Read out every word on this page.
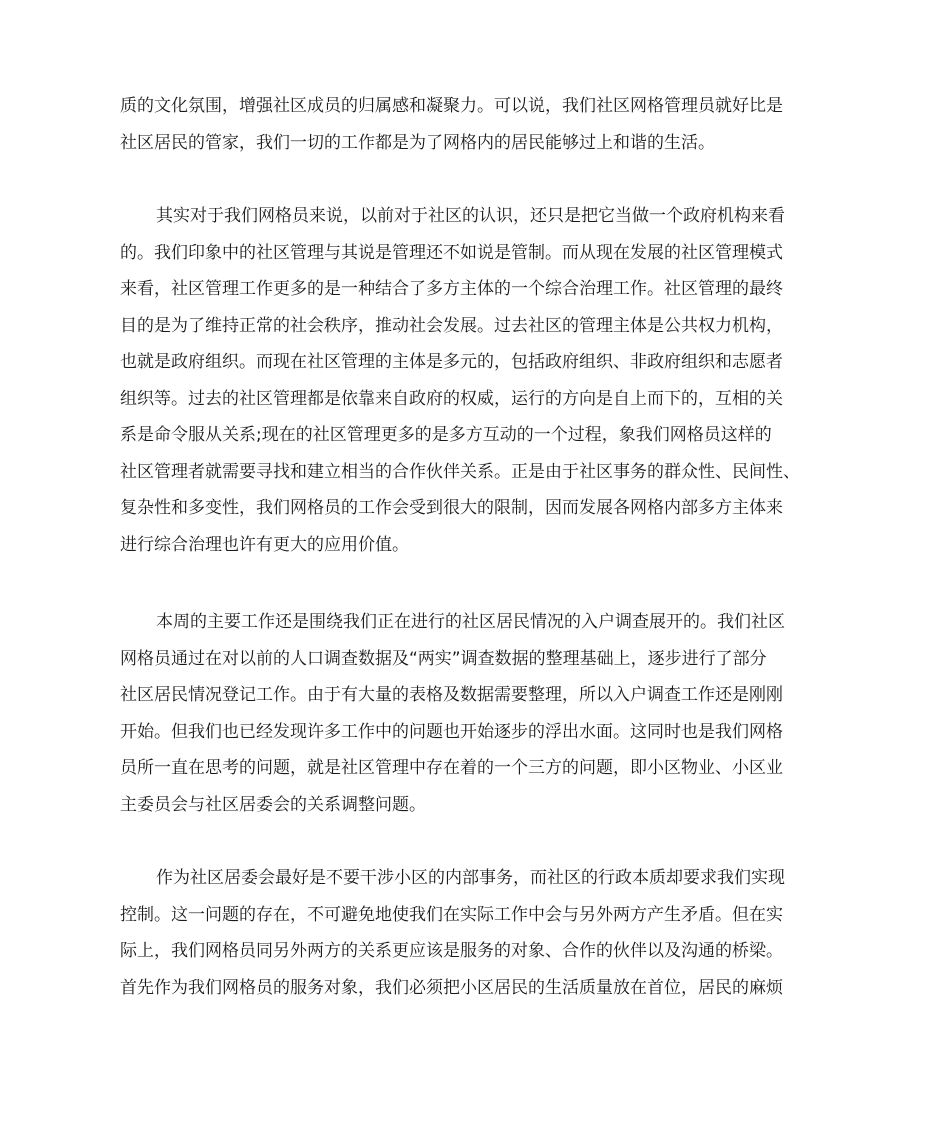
质的文化氛围，增强社区成员的归属感和凝聚力。可以说，我们社区网格管理员就好比是
社区居民的管家，我们一切的工作都是为了网格内的居民能够过上和谐的生活。

其实对于我们网格员来说，以前对于社区的认识，还只是把它当做一个政府机构来看
的。我们印象中的社区管理与其说是管理还不如说是管制。而从现在发展的社区管理模式
来看，社区管理工作更多的是一种结合了多方主体的一个综合治理工作。社区管理的最终
目的是为了维持正常的社会秩序，推动社会发展。过去社区的管理主体是公共权力机构，
也就是政府组织。而现在社区管理的主体是多元的，包括政府组织、非政府组织和志愿者
组织等。过去的社区管理都是依靠来自政府的权威，运行的方向是自上而下的，互相的关
系是命令服从关系;现在的社区管理更多的是多方互动的一个过程，象我们网格员这样的
社区管理者就需要寻找和建立相当的合作伙伴关系。正是由于社区事务的群众性、民间性、
复杂性和多变性，我们网格员的工作会受到很大的限制，因而发展各网格内部多方主体来
进行综合治理也许有更大的应用价值。

本周的主要工作还是围绕我们正在进行的社区居民情况的入户调查展开的。我们社区
网格员通过在对以前的人口调查数据及“两实”调查数据的整理基础上，逐步进行了部分
社区居民情况登记工作。由于有大量的表格及数据需要整理，所以入户调查工作还是刚刚
开始。但我们也已经发现许多工作中的问题也开始逐步的浮出水面。这同时也是我们网格
员所一直在思考的问题，就是社区管理中存在着的一个三方的问题，即小区物业、小区业
主委员会与社区居委会的关系调整问题。

作为社区居委会最好是不要干涉小区的内部事务，而社区的行政本质却要求我们实现
控制。这一问题的存在，不可避免地使我们在实际工作中会与另外两方产生矛盾。但在实
际上，我们网格员同另外两方的关系更应该是服务的对象、合作的伙伴以及沟通的桥梁。
首先作为我们网格员的服务对象，我们必须把小区居民的生活质量放在首位，居民的麻烦
